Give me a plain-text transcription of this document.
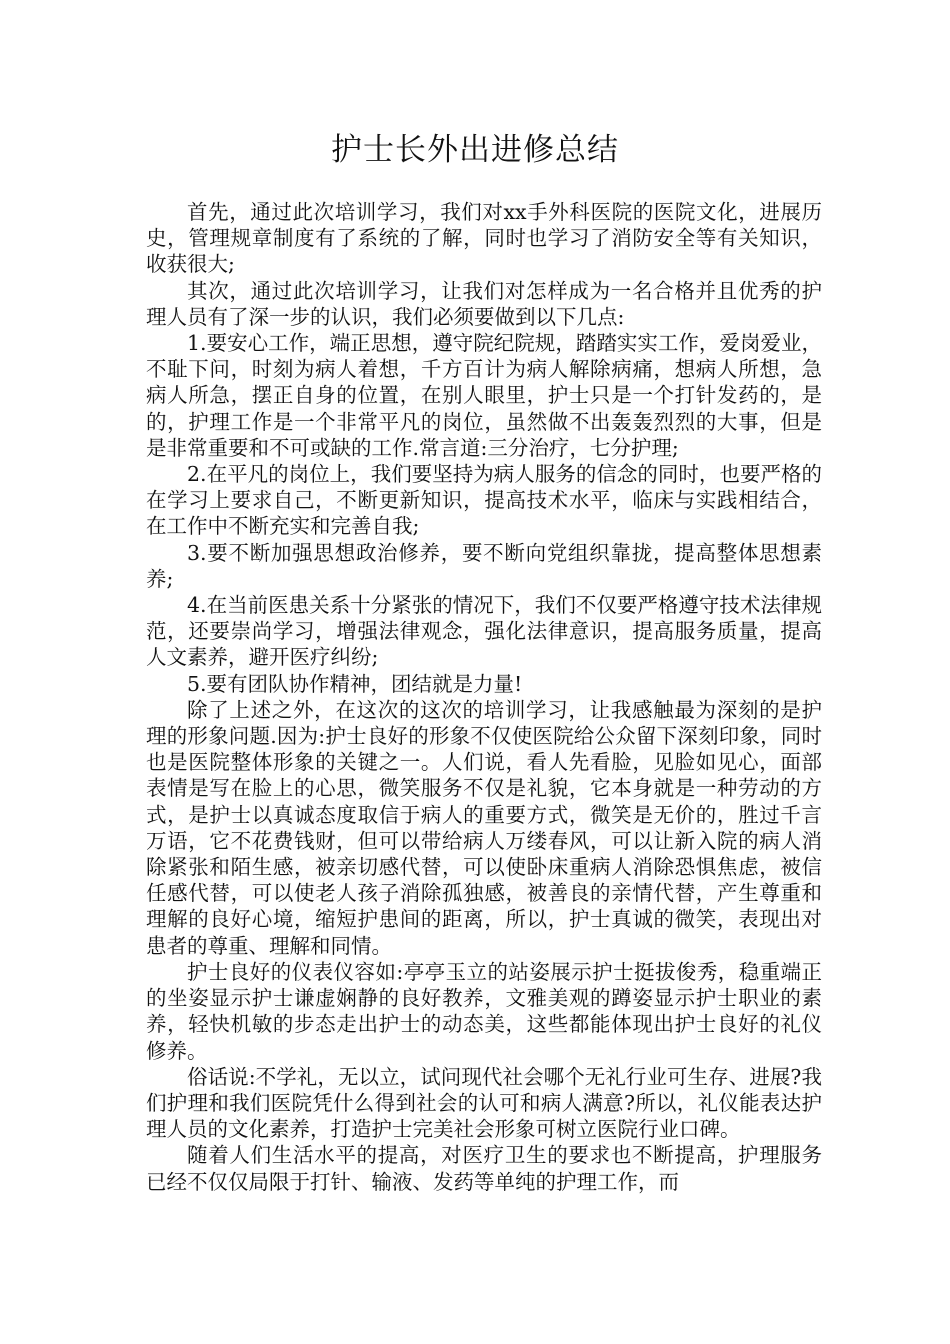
护士长外出进修总结

首先，通过此次培训学习，我们对xx手外科医院的医院文化，进展历史，管理规章制度有了系统的了解，同时也学习了消防安全等有关知识，收获很大;

其次，通过此次培训学习，让我们对怎样成为一名合格并且优秀的护理人员有了深一步的认识，我们必须要做到以下几点:

1.要安心工作，端正思想，遵守院纪院规，踏踏实实工作，爱岗爱业，不耻下问，时刻为病人着想，千方百计为病人解除病痛，想病人所想，急病人所急，摆正自身的位置，在别人眼里，护士只是一个打针发药的，是的，护理工作是一个非常平凡的岗位，虽然做不出轰轰烈烈的大事，但是是非常重要和不可或缺的工作.常言道:三分治疗，七分护理;

2.在平凡的岗位上，我们要坚持为病人服务的信念的同时，也要严格的在学习上要求自己，不断更新知识，提高技术水平，临床与实践相结合，在工作中不断充实和完善自我;

3.要不断加强思想政治修养，要不断向党组织靠拢，提高整体思想素养;

4.在当前医患关系十分紧张的情况下，我们不仅要严格遵守技术法律规范，还要崇尚学习，增强法律观念，强化法律意识，提高服务质量，提高人文素养，避开医疗纠纷;

5.要有团队协作精神，团结就是力量!

除了上述之外，在这次的这次的培训学习，让我感触最为深刻的是护理的形象问题.因为:护士良好的形象不仅使医院给公众留下深刻印象，同时也是医院整体形象的关键之一。人们说，看人先看脸，见脸如见心，面部表情是写在脸上的心思，微笑服务不仅是礼貌，它本身就是一种劳动的方式，是护士以真诚态度取信于病人的重要方式，微笑是无价的，胜过千言万语，它不花费钱财，但可以带给病人万缕春风，可以让新入院的病人消除紧张和陌生感，被亲切感代替，可以使卧床重病人消除恐惧焦虑，被信任感代替，可以使老人孩子消除孤独感，被善良的亲情代替，产生尊重和理解的良好心境，缩短护患间的距离，所以，护士真诚的微笑，表现出对患者的尊重、理解和同情。

护士良好的仪表仪容如:亭亭玉立的站姿展示护士挺拔俊秀，稳重端正的坐姿显示护士谦虚娴静的良好教养，文雅美观的蹲姿显示护士职业的素养，轻快机敏的步态走出护士的动态美，这些都能体现出护士良好的礼仪修养。

俗话说:不学礼，无以立，试问现代社会哪个无礼行业可生存、进展?我们护理和我们医院凭什么得到社会的认可和病人满意?所以，礼仪能表达护理人员的文化素养，打造护士完美社会形象可树立医院行业口碑。

随着人们生活水平的提高，对医疗卫生的要求也不断提高，护理服务已经不仅仅局限于打针、输液、发药等单纯的护理工作，而
